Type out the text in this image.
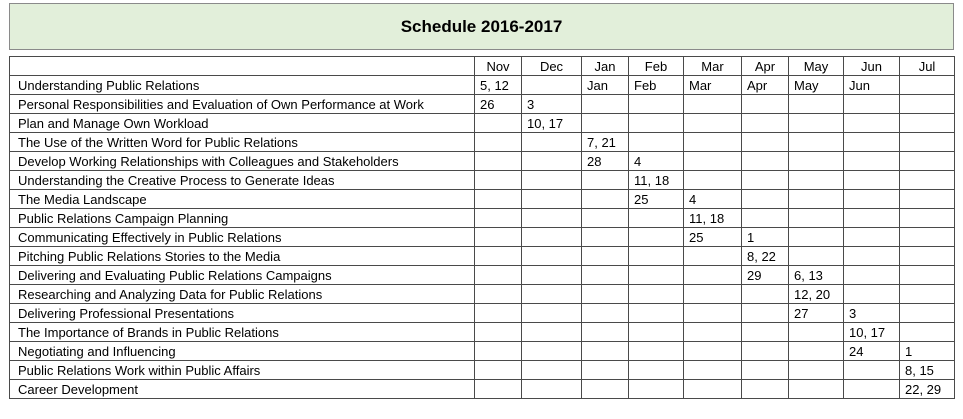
Schedule 2016-2017
	Nov	Dec	Jan	Feb	Mar	Apr	May	Jun	Jul
Understanding Public Relations	5, 12		Jan	Feb	Mar	Apr	May	Jun	
Personal Responsibilities and Evaluation of Own Performance at Work	26	3							
Plan and Manage Own Workload		10, 17							
The Use of the Written Word for Public Relations			7, 21						
Develop Working Relationships with Colleagues and Stakeholders			28	4					
Understanding the Creative Process to Generate Ideas				11, 18					
The Media Landscape				25	4				
Public Relations Campaign Planning					11, 18				
Communicating Effectively in Public Relations					25	1			
Pitching Public Relations Stories to the Media						8, 22			
Delivering and Evaluating Public Relations Campaigns						29	6, 13		
Researching and Analyzing Data for Public Relations							12, 20		
Delivering Professional Presentations							27	3	
The Importance of Brands in Public Relations								10, 17	
Negotiating and Influencing								24	1
Public Relations Work within Public Affairs									8, 15
Career Development									22, 29
